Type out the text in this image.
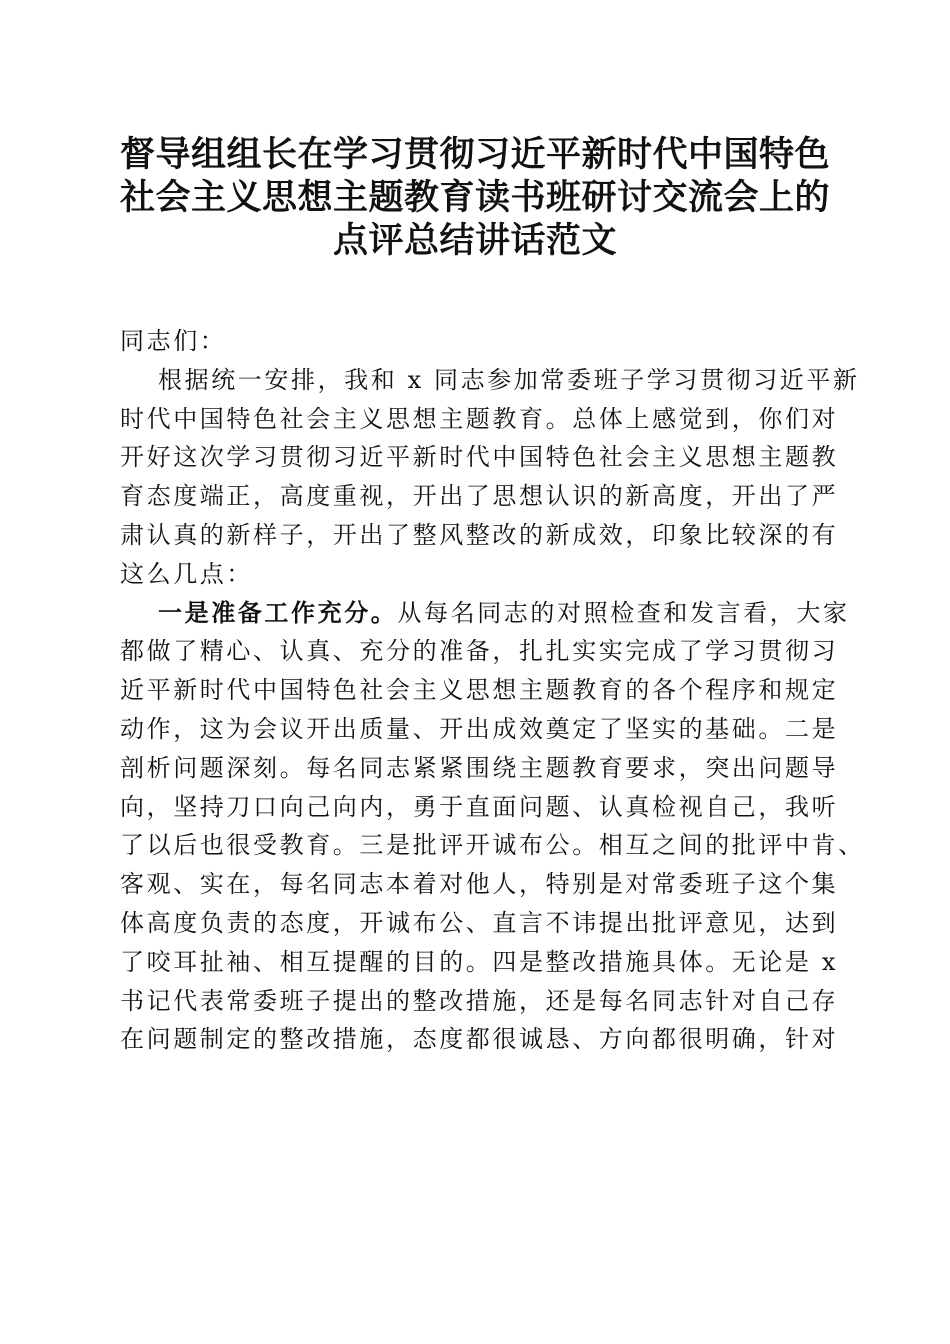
督导组组长在学习贯彻习近平新时代中国特色
社会主义思想主题教育读书班研讨交流会上的
点评总结讲话范文
同志们：
根据统一安排，我和 x 同志参加常委班子学习贯彻习近平新
时代中国特色社会主义思想主题教育。总体上感觉到，你们对
开好这次学习贯彻习近平新时代中国特色社会主义思想主题教
育态度端正，高度重视，开出了思想认识的新高度，开出了严
肃认真的新样子，开出了整风整改的新成效，印象比较深的有
这么几点：
一是准备工作充分。从每名同志的对照检查和发言看，大家
都做了精心、认真、充分的准备，扎扎实实完成了学习贯彻习
近平新时代中国特色社会主义思想主题教育的各个程序和规定
动作，这为会议开出质量、开出成效奠定了坚实的基础。二是
剖析问题深刻。每名同志紧紧围绕主题教育要求，突出问题导
向，坚持刀口向己向内，勇于直面问题、认真检视自己，我听
了以后也很受教育。三是批评开诚布公。相互之间的批评中肯、
客观、实在，每名同志本着对他人，特别是对常委班子这个集
体高度负责的态度，开诚布公、直言不讳提出批评意见，达到
了咬耳扯袖、相互提醒的目的。四是整改措施具体。无论是 x
书记代表常委班子提出的整改措施，还是每名同志针对自己存
在问题制定的整改措施，态度都很诚恳、方向都很明确，针对
